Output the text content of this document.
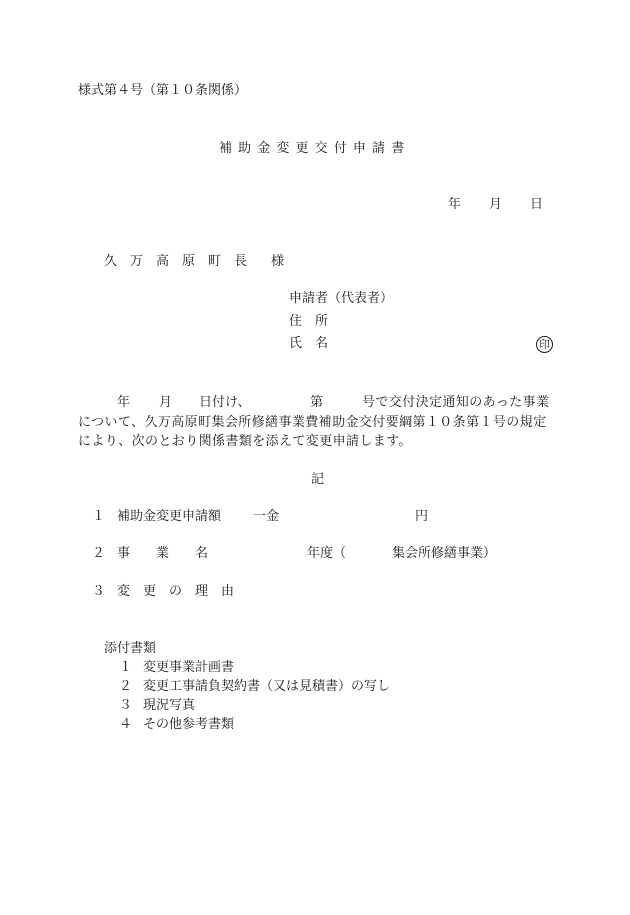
様式第４号（第１０条関係）
補 助 金 変 更 交 付 申 請 書
年 月 日
久　万　高　原　町　長 様
申請者（代表者）
住　所
氏　名	印
年 月 日付け、	第	号で交付決定通知のあった事業
について、久万高原町集会所修繕事業費補助金交付要綱第１０条第１号の規定
により、次のとおり関係書類を添えて変更申請します。
記
１ 補助金変更申請額 一金	円
２ 事　　業　　名	年度（	集会所修繕事業）
３ 変　更　の　理　由
添付書類
１ 変更事業計画書
２ 変更工事請負契約書（又は見積書）の写し
３ 現況写真
４ その他参考書類
